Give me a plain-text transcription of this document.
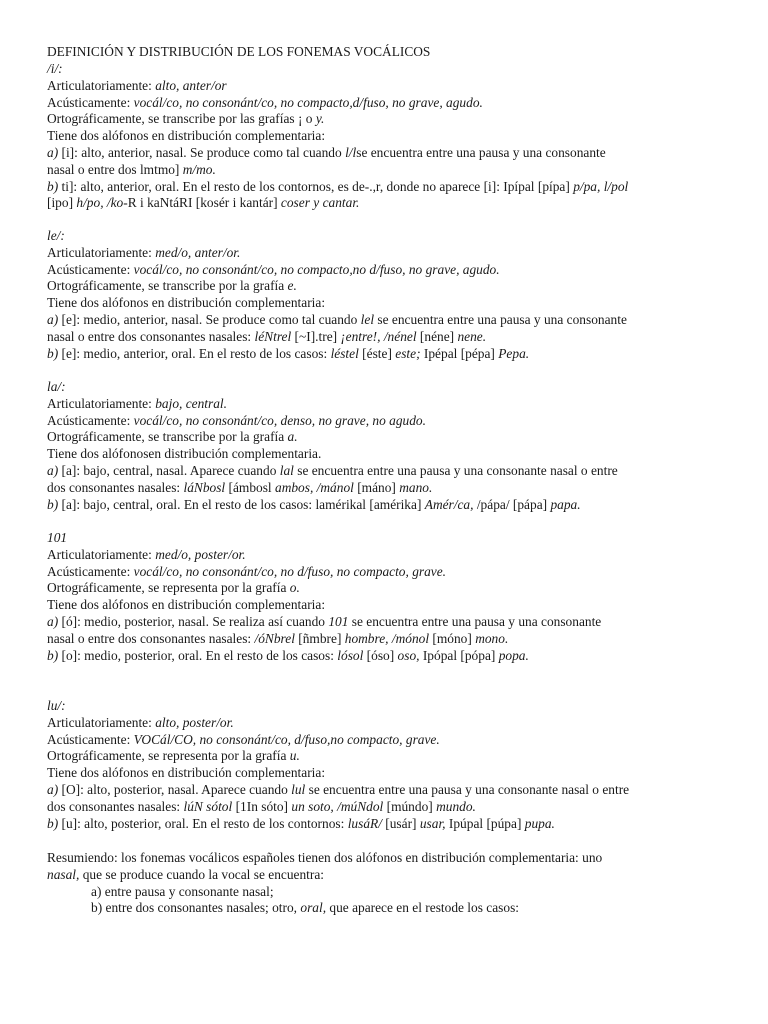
DEFINICIÓN Y DISTRIBUCIÓN DE LOS FONEMAS VOCÁLICOS
/i/:
Articulatoriamente: alto, anter/or
Acústicamente: vocál/co, no consonánt/co, no compacto,d/fuso, no grave, agudo.
Ortográficamente, se transcribe por las grafías ¡ o y.
Tiene dos alófonos en distribución complementaria:
a) [i]: alto, anterior, nasal. Se produce como tal cuando l/lse encuentra entre una pausa y una consonante
nasal o entre dos lmtmo] m/mo.
b) ti]: alto, anterior, oral. En el resto de los contornos, es de-.,r, donde no aparece [i]: Ipípal [pípa] p/pa, l/pol
[ipo] h/po, /ko-R i kaNtáRI [kosér i kantár] coser y cantar.
le/:
Articulatoriamente: med/o, anter/or.
Acústicamente: vocál/co, no consonánt/co, no compacto,no d/fuso, no grave, agudo.
Ortográficamente, se transcribe por la grafía e.
Tiene dos alófonos en distribución complementaria:
a) [e]: medio, anterior, nasal. Se produce como tal cuando lel se encuentra entre una pausa y una consonante
nasal o entre dos consonantes nasales: léNtrel [~I].tre] ¡entre!, /nénel [néne] nene.
b) [e]: medio, anterior, oral. En el resto de los casos: léstel [éste] este; Ipépal [pépa] Pepa.
la/:
Articulatoriamente: bajo, central.
Acústicamente: vocál/co, no consonánt/co, denso, no grave, no agudo.
Ortográficamente, se transcribe por la grafía a.
Tiene dos alófonosen distribución complementaria.
a) [a]: bajo, central, nasal. Aparece cuando lal se encuentra entre una pausa y una consonante nasal o entre
dos consonantes nasales: láNbosl [ámbosl ambos, /mánol [máno] mano.
b) [a]: bajo, central, oral. En el resto de los casos: lamérikal [amérika] Amér/ca, /pápa/ [pápa] papa.
101
Articulatoriamente: med/o, poster/or.
Acústicamente: vocál/co, no consonánt/co, no d/fuso, no compacto, grave.
Ortográficamente, se representa por la grafía o.
Tiene dos alófonos en distribución complementaria:
a) [ó]: medio, posterior, nasal. Se realiza así cuando 101 se encuentra entre una pausa y una consonante
nasal o entre dos consonantes nasales: /óNbrel [ñmbre] hombre, /mónol [móno] mono.
b) [o]: medio, posterior, oral. En el resto de los casos: lósol [óso] oso, Ipópal [pópa] popa.
lu/:
Articulatoriamente: alto, poster/or.
Acústicamente: VOCál/CO, no consonánt/co, d/fuso,no compacto, grave.
Ortográficamente, se representa por la grafía u.
Tiene dos alófonos en distribución complementaria:
a) [O]: alto, posterior, nasal. Aparece cuando lul se encuentra entre una pausa y una consonante nasal o entre
dos consonantes nasales: lúN sótol [1In sóto] un soto, /múNdol [múndo] mundo.
b) [u]: alto, posterior, oral. En el resto de los contornos: lusáR/ [usár] usar, Ipúpal [púpa] pupa.
Resumiendo: los fonemas vocálicos españoles tienen dos alófonos en distribución complementaria: uno
nasal, que se produce cuando la vocal se encuentra:
a) entre pausa y consonante nasal;
b) entre dos consonantes nasales; otro, oral, que aparece en el restode los casos:
